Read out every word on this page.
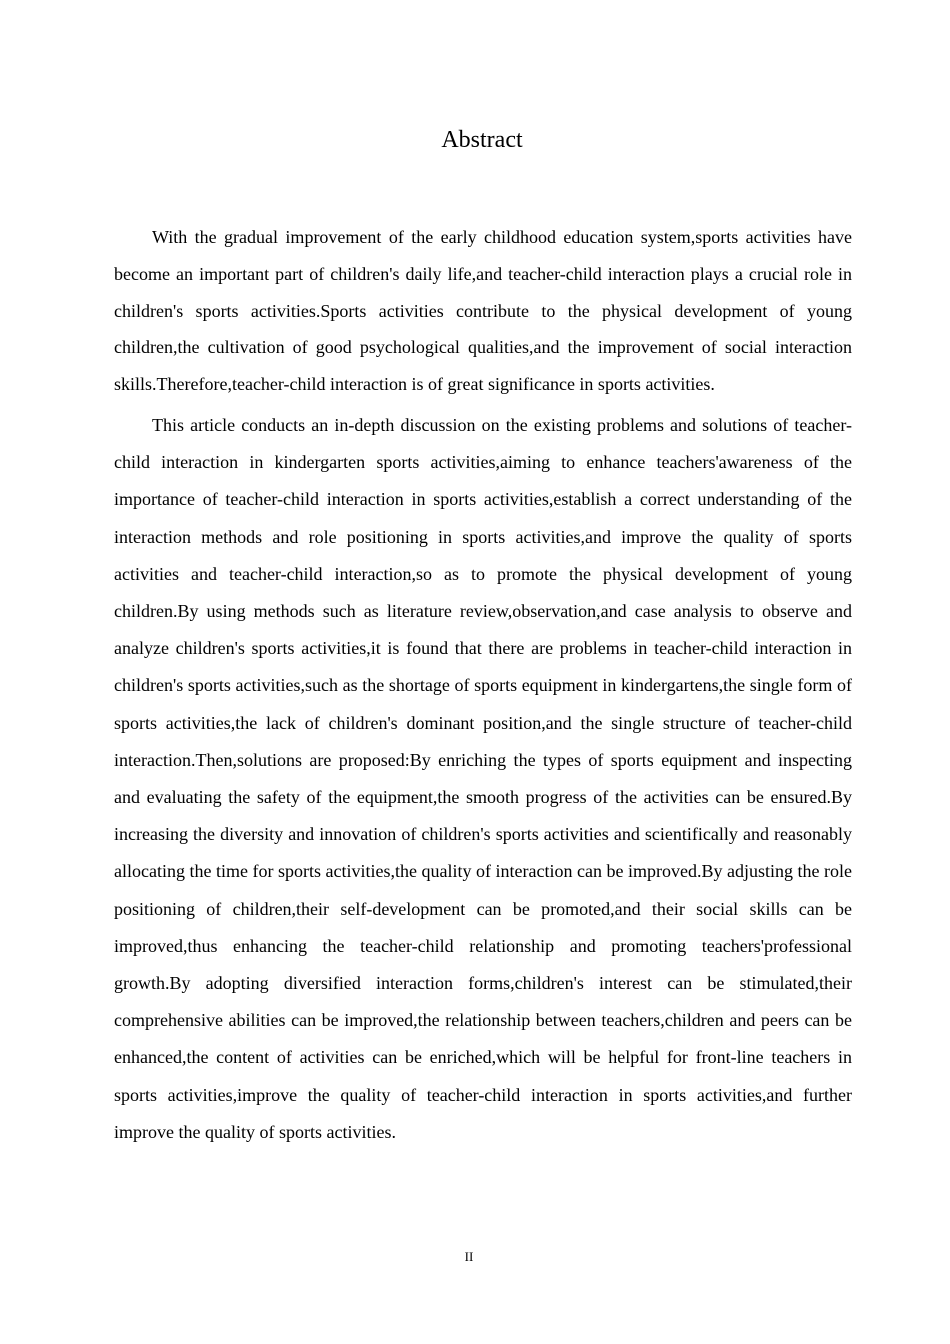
Abstract

With the gradual improvement of the early childhood education system,sports activities have become an important part of children's daily life,and teacher-child interaction plays a crucial role in children's sports activities.Sports activities contribute to the physical development of young children,the cultivation of good psychological qualities,and the improvement of social interaction skills.Therefore,teacher-child interaction is of great significance in sports activities.

This article conducts an in-depth discussion on the existing problems and solutions of teacher-child interaction in kindergarten sports activities,aiming to enhance teachers'awareness of the importance of teacher-child interaction in sports activities,establish a correct understanding of the interaction methods and role positioning in sports activities,and improve the quality of sports activities and teacher-child interaction,so as to promote the physical development of young children.By using methods such as literature review,observation,and case analysis to observe and analyze children's sports activities,it is found that there are problems in teacher-child interaction in children's sports activities,such as the shortage of sports equipment in kindergartens,the single form of sports activities,the lack of children's dominant position,and the single structure of teacher-child interaction.Then,solutions are proposed:By enriching the types of sports equipment and inspecting and evaluating the safety of the equipment,the smooth progress of the activities can be ensured.By increasing the diversity and innovation of children's sports activities and scientifically and reasonably allocating the time for sports activities,the quality of interaction can be improved.By adjusting the role positioning of children,their self-development can be promoted,and their social skills can be improved,thus enhancing the teacher-child relationship and promoting teachers'professional growth.By adopting diversified interaction forms,children's interest can be stimulated,their comprehensive abilities can be improved,the relationship between teachers,children and peers can be enhanced,the content of activities can be enriched,which will be helpful for front-line teachers in sports activities,improve the quality of teacher-child interaction in sports activities,and further improve the quality of sports activities.

II
